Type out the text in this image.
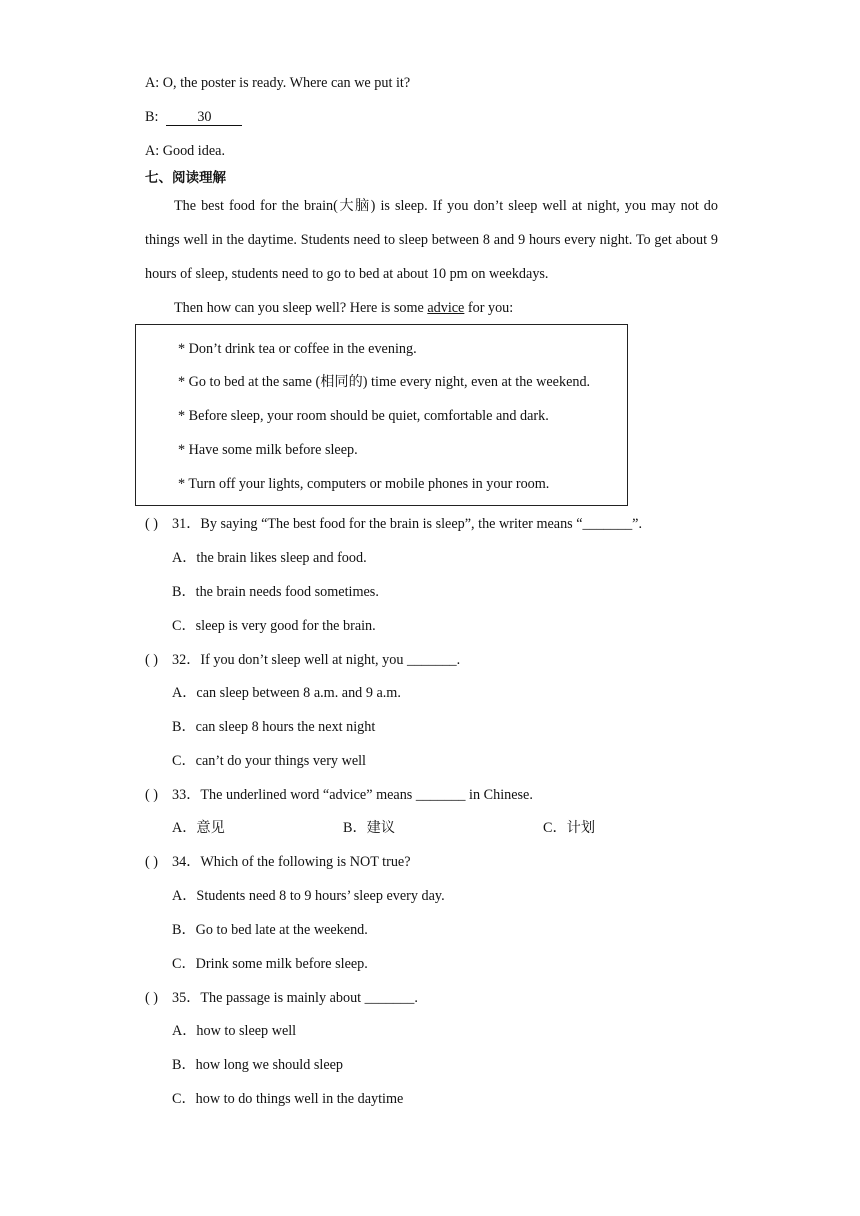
A: O, the poster is ready. Where can we put it?
B:	30
A: Good idea.
七、阅读理解
The best food for the brain(大脑) is sleep. If you don’t sleep well at night, you may not do things well in the daytime. Students need to sleep between 8 and 9 hours every night. To get about 9 hours of sleep, students need to go to bed at about 10 pm on weekdays.
Then how can you sleep well? Here is some advice for you:
* Don’t drink tea or coffee in the evening.
* Go to bed at the same (相同的) time every night, even at the weekend.
* Before sleep, your room should be quiet, comfortable and dark.
* Have some milk before sleep.
* Turn off your lights, computers or mobile phones in your room.
( ) 31．By saying “The best food for the brain is sleep”, the writer means “_______”.
A．the brain likes sleep and food.
B．the brain needs food sometimes.
C．sleep is very good for the brain.
( ) 32．If you don’t sleep well at night, you _______.
A．can sleep between 8 a.m. and 9 a.m.
B．can sleep 8 hours the next night
C．can’t do your things very well
( ) 33．The underlined word “advice” means _______ in Chinese.
A．意见	B．建议	C．计划
( ) 34．Which of the following is NOT true?
A．Students need 8 to 9 hours’ sleep every day.
B．Go to bed late at the weekend.
C．Drink some milk before sleep.
( ) 35．The passage is mainly about _______.
A．how to sleep well
B．how long we should sleep
C．how to do things well in the daytime
